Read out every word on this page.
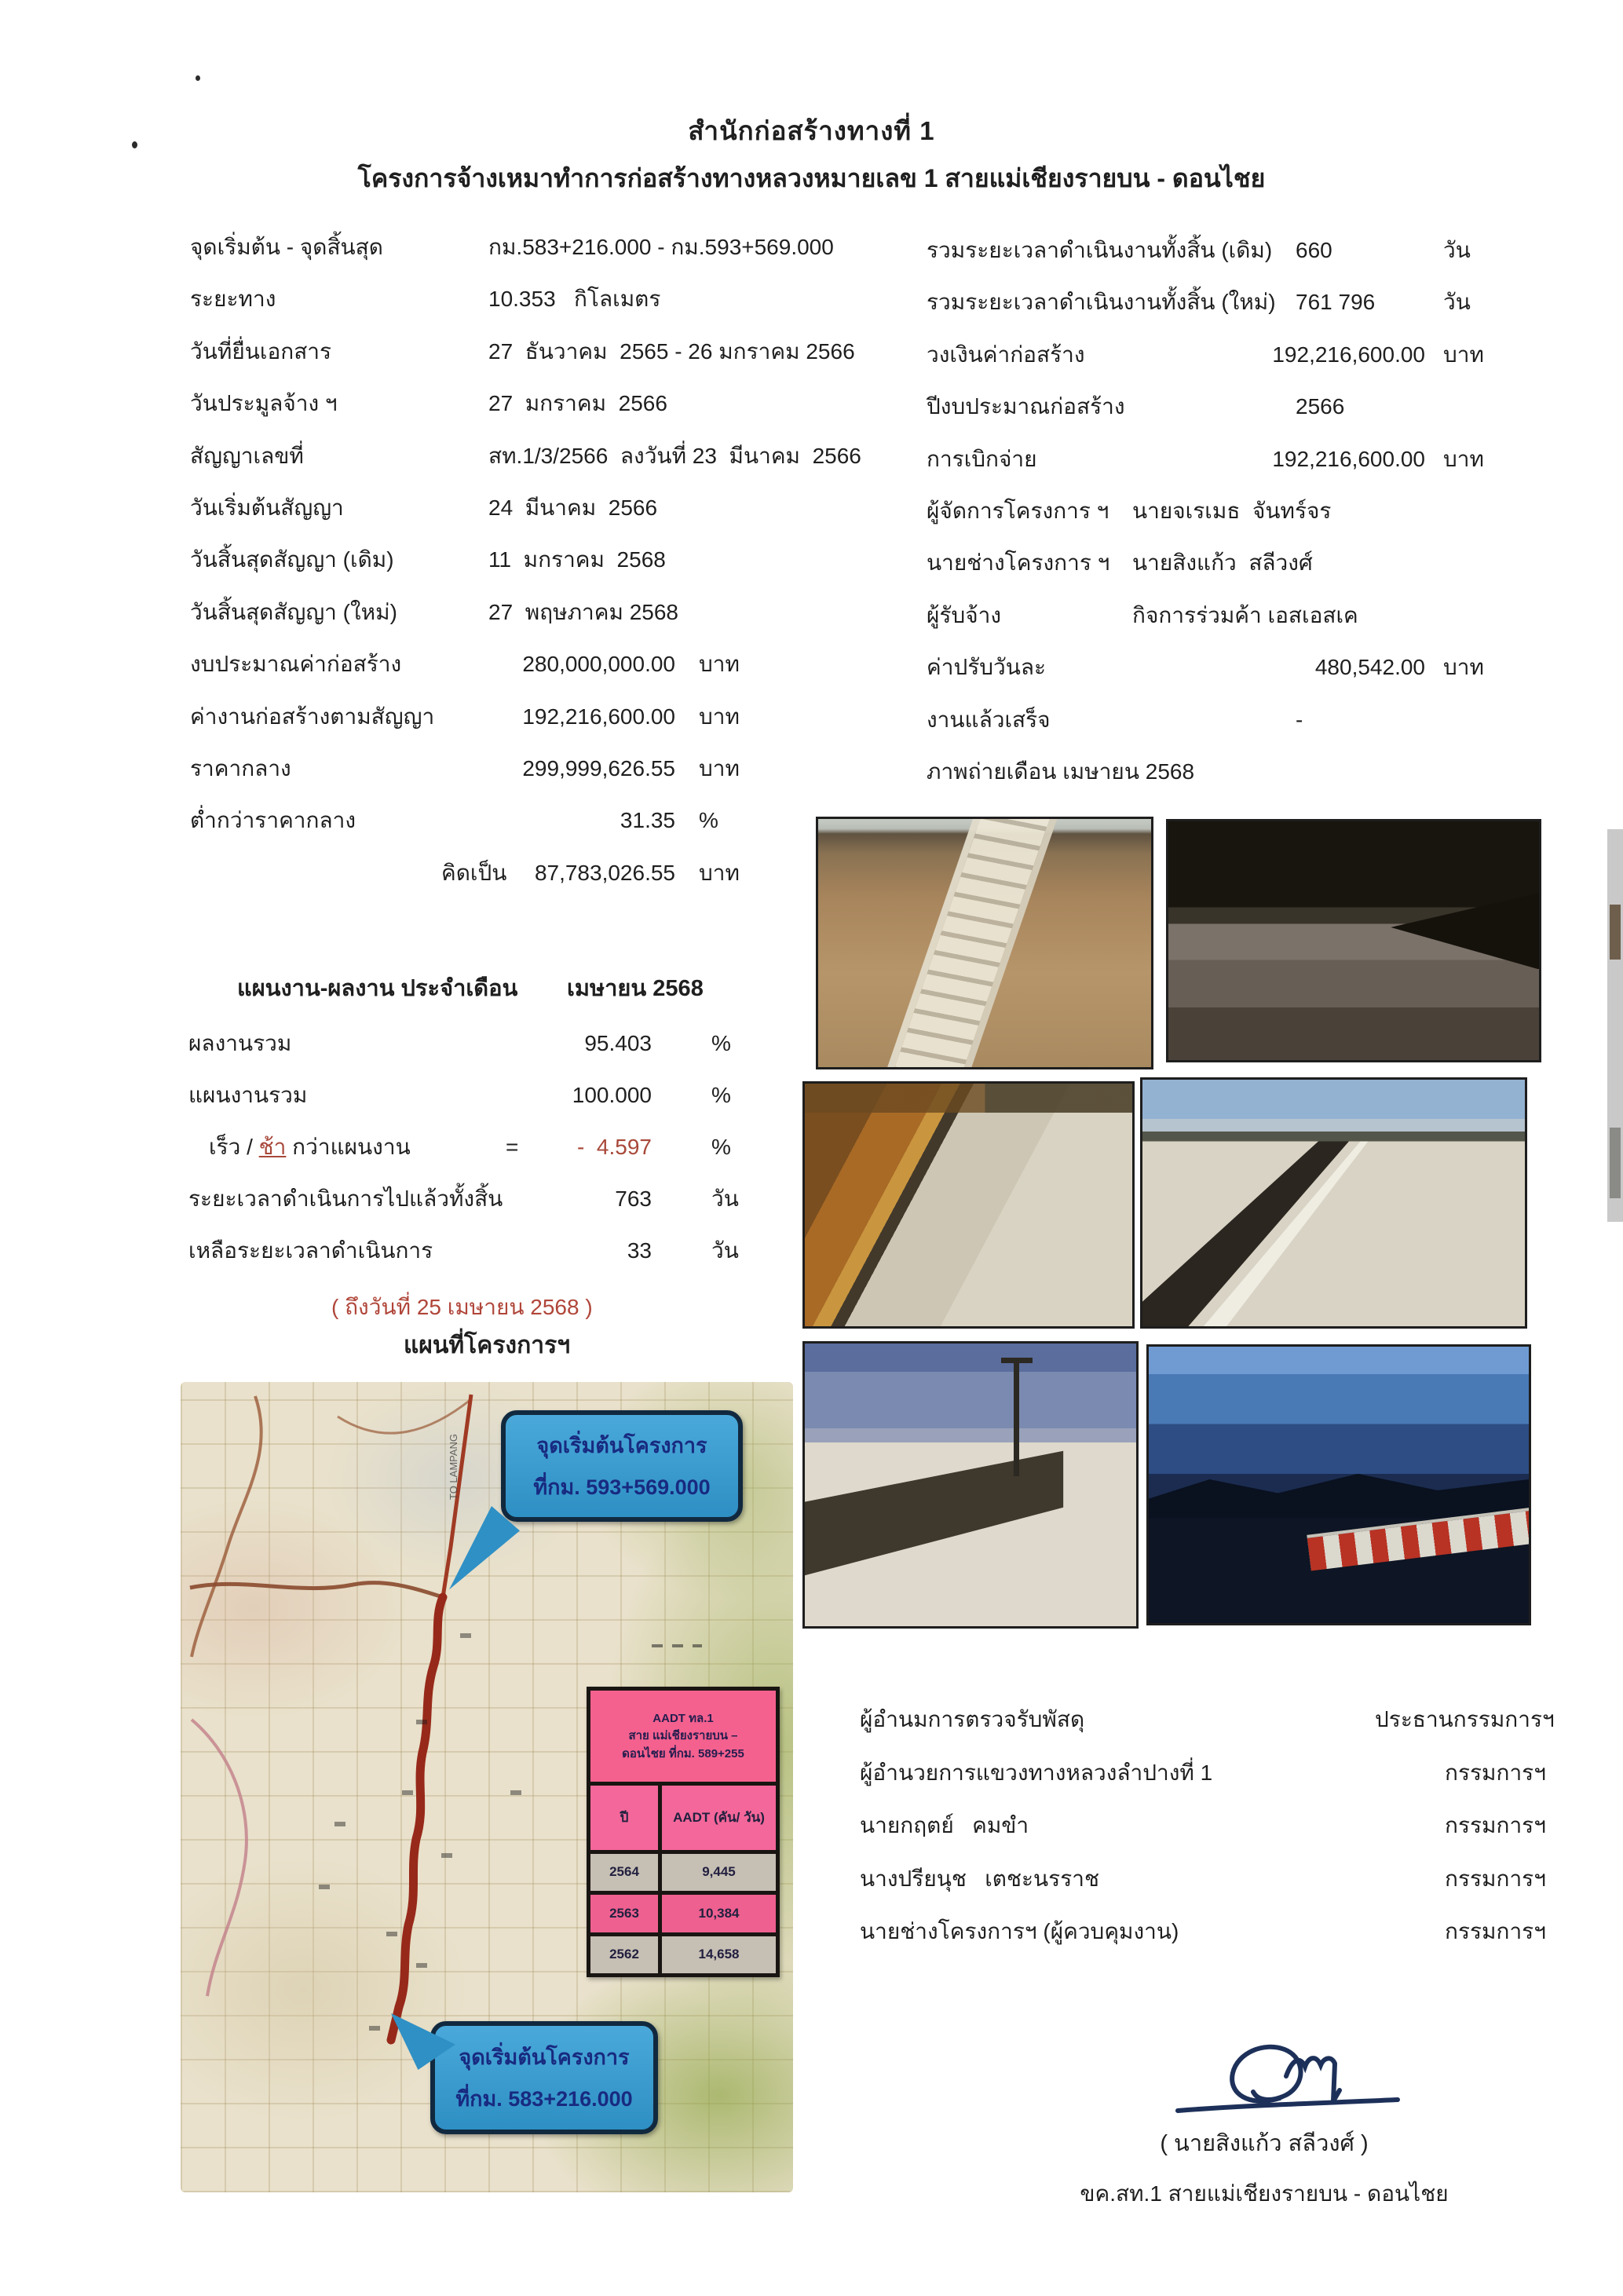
สำนักก่อสร้างทางที่ 1
โครงการจ้างเหมาทำการก่อสร้างทางหลวงหมายเลข 1 สายแม่เชียงรายบน - ดอนไชย
จุดเริ่มต้น - จุดสิ้นสุด	กม.583+216.000 - กม.593+569.000
ระยะทาง	10.353   กิโลเมตร
วันที่ยื่นเอกสาร	27  ธันวาคม  2565 - 26 มกราคม 2566
วันประมูลจ้าง ฯ	27  มกราคม  2566
สัญญาเลขที่	สท.1/3/2566  ลงวันที่ 23  มีนาคม  2566
วันเริ่มต้นสัญญา	24  มีนาคม  2566
วันสิ้นสุดสัญญา (เดิม)	11  มกราคม  2568
วันสิ้นสุดสัญญา (ใหม่)	27  พฤษภาคม 2568
งบประมาณค่าก่อสร้าง	280,000,000.00 บาท
ค่างานก่อสร้างตามสัญญา	192,216,600.00 บาท
ราคากลาง	299,999,626.55 บาท
ต่ำกว่าราคากลาง	31.35 %
คิดเป็น	87,783,026.55 บาท
รวมระยะเวลาดำเนินงานทั้งสิ้น (เดิม) 660	วัน
รวมระยะเวลาดำเนินงานทั้งสิ้น (ใหม่) 761 796	วัน
วงเงินค่าก่อสร้าง	192,216,600.00 บาท
ปีงบประมาณก่อสร้าง	2566
การเบิกจ่าย	192,216,600.00 บาท
ผู้จัดการโครงการ ฯ นายจเรเมธ  จันทร์จร
นายช่างโครงการ ฯ นายสิงแก้ว  สลีวงศ์
ผู้รับจ้าง	กิจการร่วมค้า เอสเอสเค
ค่าปรับวันละ	480,542.00 บาท
งานแล้วเสร็จ	-
ภาพถ่ายเดือน เมษายน 2568
แผนงาน-ผลงาน ประจำเดือน เมษายน 2568
ผลงานรวม	95.403	%
แผนงานรวม	100.000	%
เร็ว / ช้า กว่าแผนงาน	=	-  4.597	%
ระยะเวลาดำเนินการไปแล้วทั้งสิ้น	763	วัน
เหลือระยะเวลาดำเนินการ	33	วัน
( ถึงวันที่ 25 เมษายน 2568 )
แผนที่โครงการฯ
TO LAMPANG	จุดเริ่มต้นโครงการ
ที่กม. 593+569.000
จุดเริ่มต้นโครงการ
ที่กม. 583+216.000
AADT ทล.1
สาย แม่เชียงรายบน –
ดอนไชย ที่กม. 589+255
ปี	AADT (คัน/ วัน)
2564	9,445
2563	10,384
2562	14,658
ผู้อำนมการตรวจรับพัสดุ	ประธานกรรมการฯ
ผู้อำนวยการแขวงทางหลวงลำปางที่ 1	กรรมการฯ
นายกฤตย์   คมขำ	กรรมการฯ
นางปรียนุช   เตชะนรราช	กรรมการฯ
นายช่างโครงการฯ (ผู้ควบคุมงาน)	กรรมการฯ
( นายสิงแก้ว สลีวงศ์ )
ขค.สท.1 สายแม่เชียงรายบน - ดอนไชย
